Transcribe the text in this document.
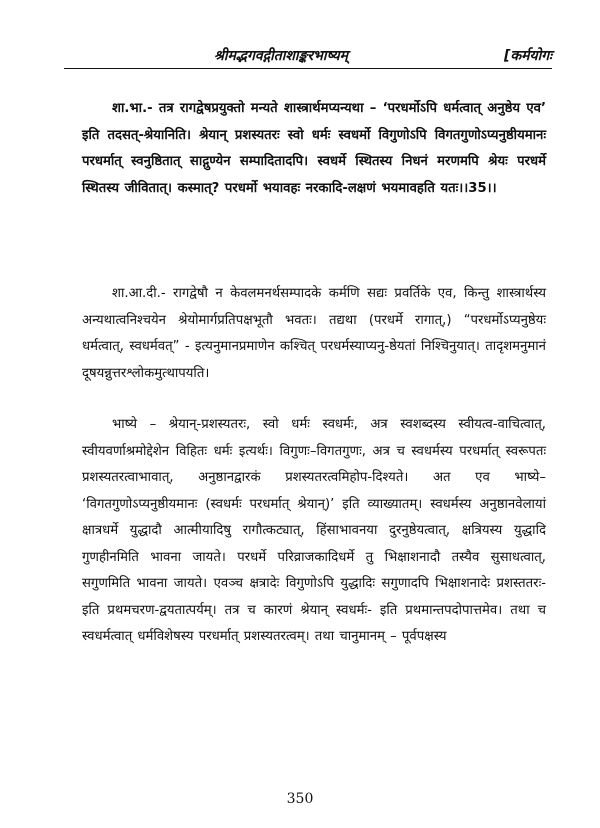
श्रीमद्भगवद्गीताशाङ्करभाष्यम्	[कर्मयोगः
शा.भा.- तत्र रागद्वेषप्रयुक्तो मन्यते शास्त्रार्थमप्यन्यथा – ‘परधर्मोऽपि धर्मत्वात् अनुष्ठेय एव’ इति तदसत्-श्रेयानिति। श्रेयान् प्रशस्यतरः स्वो धर्मः स्वधर्मो विगुणोऽपि विगतगुणोऽप्यनुष्ठीयमानः परधर्मात् स्वनुष्ठितात् साद्गुण्येन सम्पादितादपि। स्वधर्मे स्थितस्य निधनं मरणमपि श्रेयः परधर्मे स्थितस्य जीवितात्। कस्मात्? परधर्मो भयावहः नरकादि-लक्षणं भयमावहति यतः।।35।।
शा.आ.दी.- रागद्वेषौ न केवलमनर्थसम्पादके कर्मणि सद्यः प्रवर्तिके एव, किन्तु शास्त्रार्थस्य अन्यथात्वनिश्चयेन श्रेयोमार्गप्रतिपक्षभूतौ भवतः। तद्यथा (परधर्मे रागात्,) “परधर्मोऽप्यनुष्ठेयः धर्मत्वात्, स्वधर्मवत्” - इत्यनुमानप्रमाणेन कश्चित् परधर्मस्याप्यनु-ष्ठेयतां निश्चिनुयात्। तादृशमनुमानं दूषयन्नुत्तरश्लोकमुत्थापयति।
भाष्ये – श्रेयान्-प्रशस्यतरः, स्वो धर्मः स्वधर्मः, अत्र स्वशब्दस्य स्वीयत्व-वाचित्वात्, स्वीयवर्णाश्रमोद्देशेन विहितः धर्मः इत्यर्थः। विगुणः–विगतगुणः, अत्र च स्वधर्मस्य परधर्मात् स्वरूपतः प्रशस्यतरत्वाभावात्, अनुष्ठानद्वारकं प्रशस्यतरत्वमिहोप-दिश्यते। अत एव भाष्ये– ‘विगतगुणोऽप्यनुष्ठीयमानः (स्वधर्मः परधर्मात् श्रेयान्)’ इति व्याख्यातम्। स्वधर्मस्य अनुष्ठानवेलायां क्षात्रधर्मे युद्धादौ आत्मीयादिषु रागौत्कट्यात्, हिंसाभावनया दुरनुष्ठेयत्वात्, क्षत्रियस्य युद्धादि गुणहीनमिति भावना जायते। परधर्मे परिव्राजकादिधर्मे तु भिक्षाशनादौ तस्यैव सुसाधत्वात्, सगुणमिति भावना जायते। एवञ्च क्षत्रादेः विगुणोऽपि युद्धादिः सगुणादपि भिक्षाशनादेः प्रशस्ततरः- इति प्रथमचरण-द्वयतात्पर्यम्। तत्र च कारणं श्रेयान् स्वधर्मः- इति प्रथमान्तपदोपात्तमेव। तथा च स्वधर्मत्वात् धर्मविशेषस्य परधर्मात् प्रशस्यतरत्वम्। तथा चानुमानम् – पूर्वपक्षस्य
350
